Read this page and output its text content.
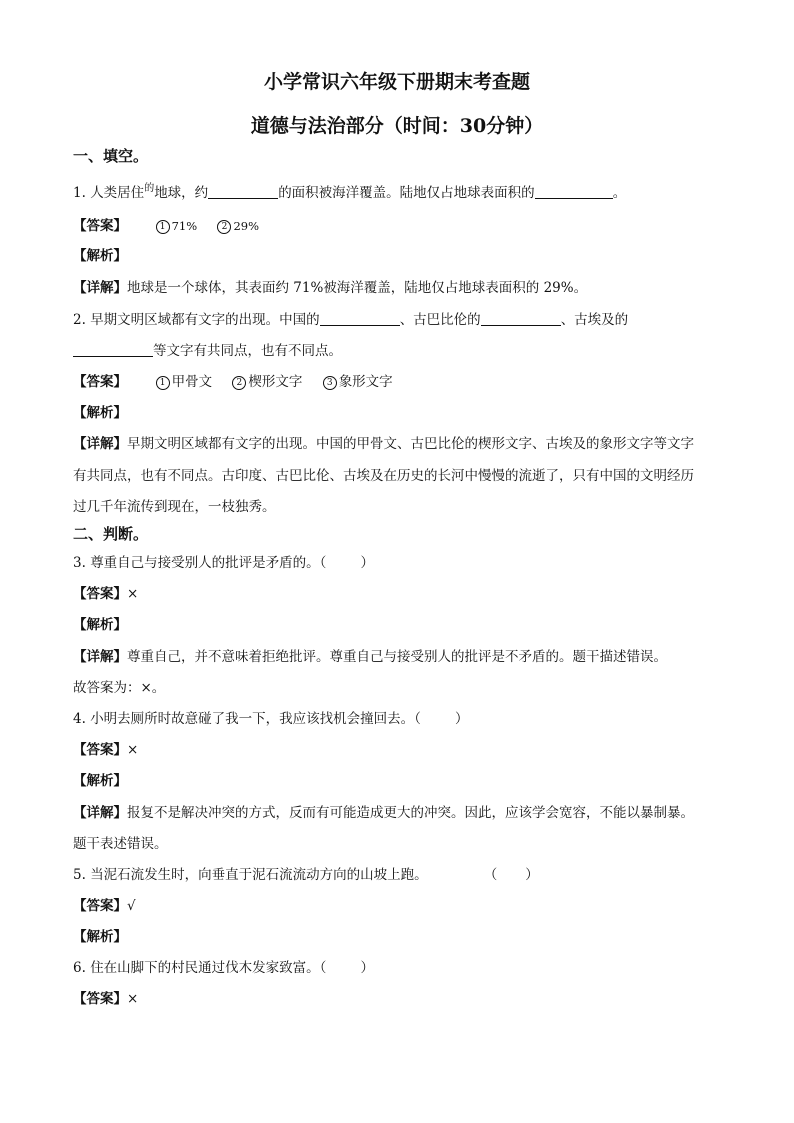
小学常识六年级下册期末考查题
道德与法治部分（时间：30分钟）
一、填空。
1. 人类居住$^的$地球，约	的面积被海洋覆盖。陆地仅占地球表面积的	。
【答案】	1 71%	2 29%
【解析】
【详解】地球是一个球体，其表面约 71%被海洋覆盖，陆地仅占地球表面积的 29%。
2. 早期文明区域都有文字的出现。中国的	、古巴比伦的	、古埃及的
等文字有共同点，也有不同点。
【答案】	1 甲骨文	2 楔形文字	3 象形文字
【解析】
【详解】早期文明区域都有文字的出现。中国的甲骨文、古巴比伦的楔形文字、古埃及的象形文字等文字
有共同点，也有不同点。古印度、古巴比伦、古埃及在历史的长河中慢慢的流逝了，只有中国的文明经历
过几千年流传到现在，一枝独秀。
二、判断。
3. 尊重自己与接受别人的批评是矛盾的。（	）
【答案】×
【解析】
【详解】尊重自己，并不意味着拒绝批评。尊重自己与接受别人的批评是不矛盾的。题干描述错误。
故答案为：×。
4. 小明去厕所时故意碰了我一下，我应该找机会撞回去。（	）
【答案】×
【解析】
【详解】报复不是解决冲突的方式，反而有可能造成更大的冲突。因此，应该学会宽容，不能以暴制暴。
题干表述错误。
5. 当泥石流发生时，向垂直于泥石流流动方向的山坡上跑。	（ ）
【答案】√
【解析】
6. 住在山脚下的村民通过伐木发家致富。（	）
【答案】×
